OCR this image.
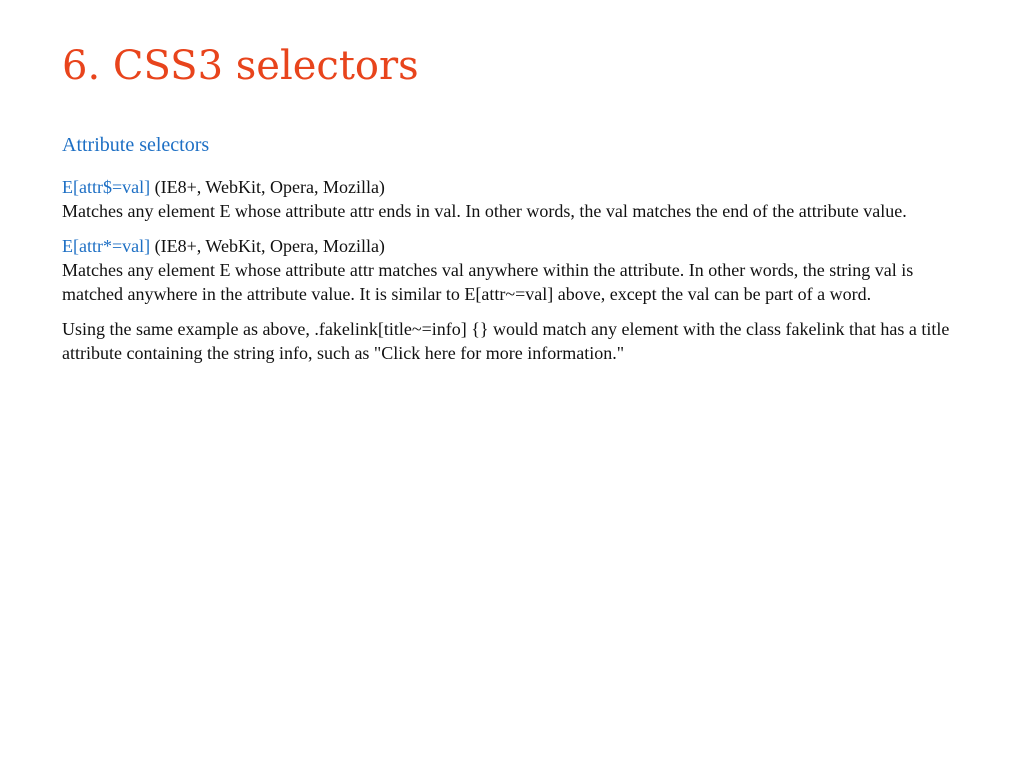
6. CSS3 selectors
Attribute selectors

E[attr$=val] (IE8+, WebKit, Opera, Mozilla)
Matches any element E whose attribute attr ends in val. In other words, the val matches the end of the attribute value.

E[attr*=val] (IE8+, WebKit, Opera, Mozilla)
Matches any element E whose attribute attr matches val anywhere within the attribute. In other words, the string val is matched anywhere in the attribute value. It is similar to E[attr~=val] above, except the val can be part of a word.

Using the same example as above, .fakelink[title~=info] {} would match any element with the class fakelink that has a title attribute containing the string info, such as "Click here for more information."
